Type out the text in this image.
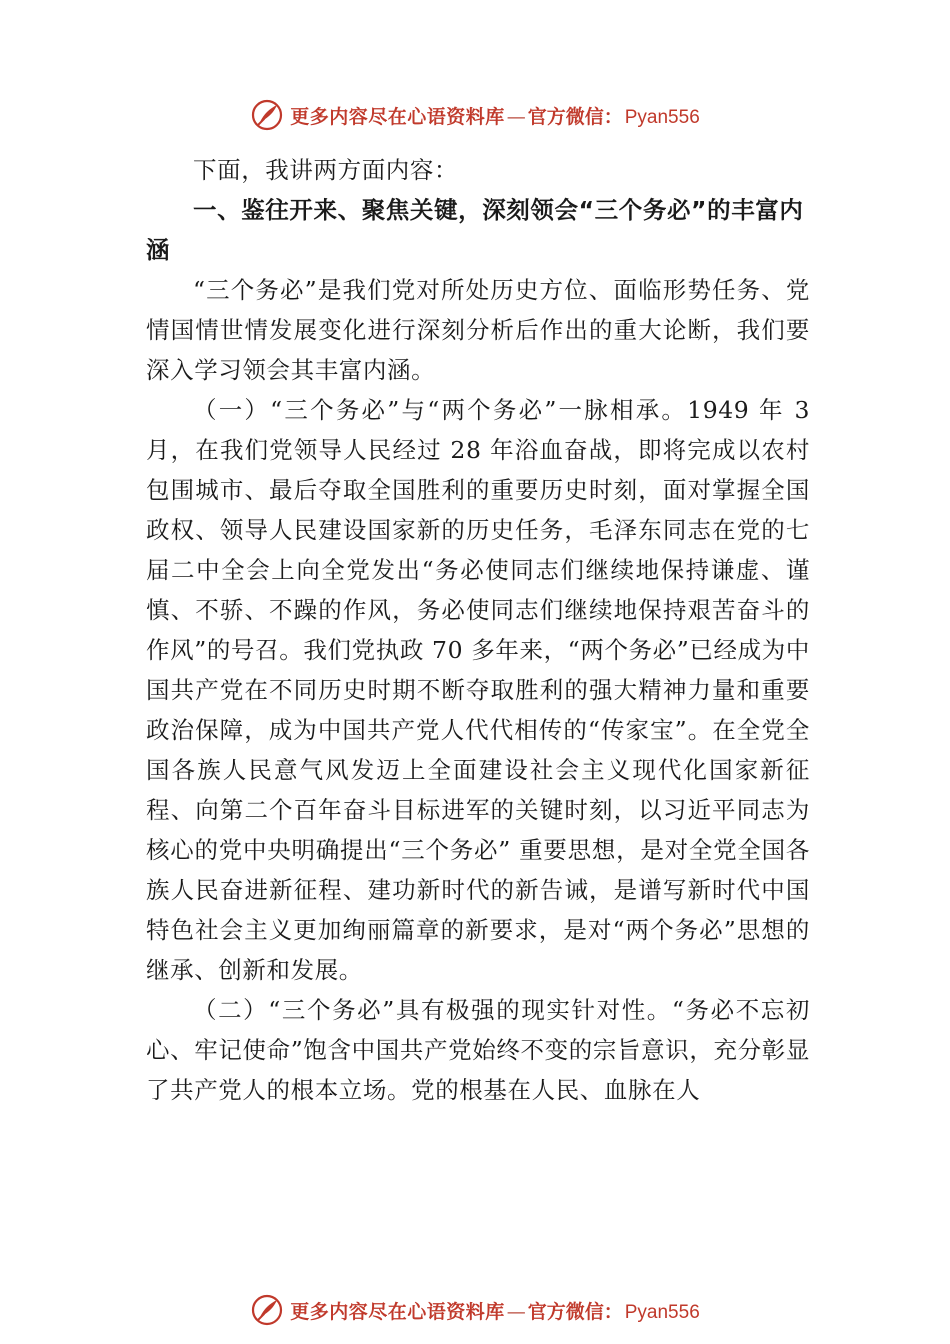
更多内容尽在心语资料库 — 官方微信： Pyan556

下面，我讲两方面内容：

一、鉴往开来、聚焦关键，深刻领会“三个务必”的丰富内涵

“三个务必”是我们党对所处历史方位、面临形势任务、党情国情世情发展变化进行深刻分析后作出的重大论断，我们要深入学习领会其丰富内涵。

（一）“三个务必”与“两个务必”一脉相承。1949 年 3 月，在我们党领导人民经过 28 年浴血奋战，即将完成以农村包围城市、最后夺取全国胜利的重要历史时刻，面对掌握全国政权、领导人民建设国家新的历史任务，毛泽东同志在党的七届二中全会上向全党发出“务必使同志们继续地保持谦虚、谨慎、不骄、不躁的作风，务必使同志们继续地保持艰苦奋斗的作风”的号召。我们党执政 70 多年来，“两个务必”已经成为中国共产党在不同历史时期不断夺取胜利的强大精神力量和重要政治保障，成为中国共产党人代代相传的“传家宝”。在全党全国各族人民意气风发迈上全面建设社会主义现代化国家新征程、向第二个百年奋斗目标进军的关键时刻，以习近平同志为核心的党中央明确提出“三个务必” 重要思想，是对全党全国各族人民奋进新征程、建功新时代的新告诫，是谱写新时代中国特色社会主义更加绚丽篇章的新要求，是对“两个务必”思想的继承、创新和发展。

（二）“三个务必”具有极强的现实针对性。“务必不忘初心、牢记使命”饱含中国共产党始终不变的宗旨意识，充分彰显了共产党人的根本立场。党的根基在人民、血脉在人

更多内容尽在心语资料库 — 官方微信： Pyan556
